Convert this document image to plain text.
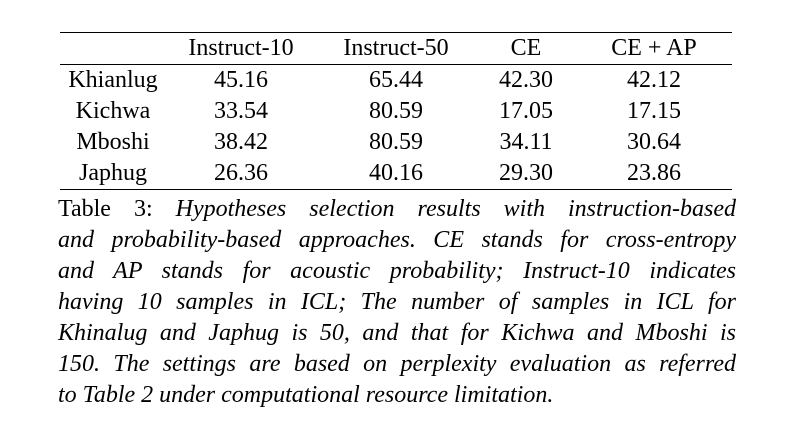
	Instruct-10	Instruct-50	CE	CE + AP
Khianlug	45.16	65.44	42.30	42.12
Kichwa	33.54	80.59	17.05	17.15
Mboshi	38.42	80.59	34.11	30.64
Japhug	26.36	40.16	29.30	23.86
Table 3: Hypotheses selection results with instruction-based
and probability-based approaches. CE stands for cross-entropy
and AP stands for acoustic probability; Instruct-10 indicates
having 10 samples in ICL; The number of samples in ICL for
Khinalug and Japhug is 50, and that for Kichwa and Mboshi is
150. The settings are based on perplexity evaluation as referred
to Table 2 under computational resource limitation.
